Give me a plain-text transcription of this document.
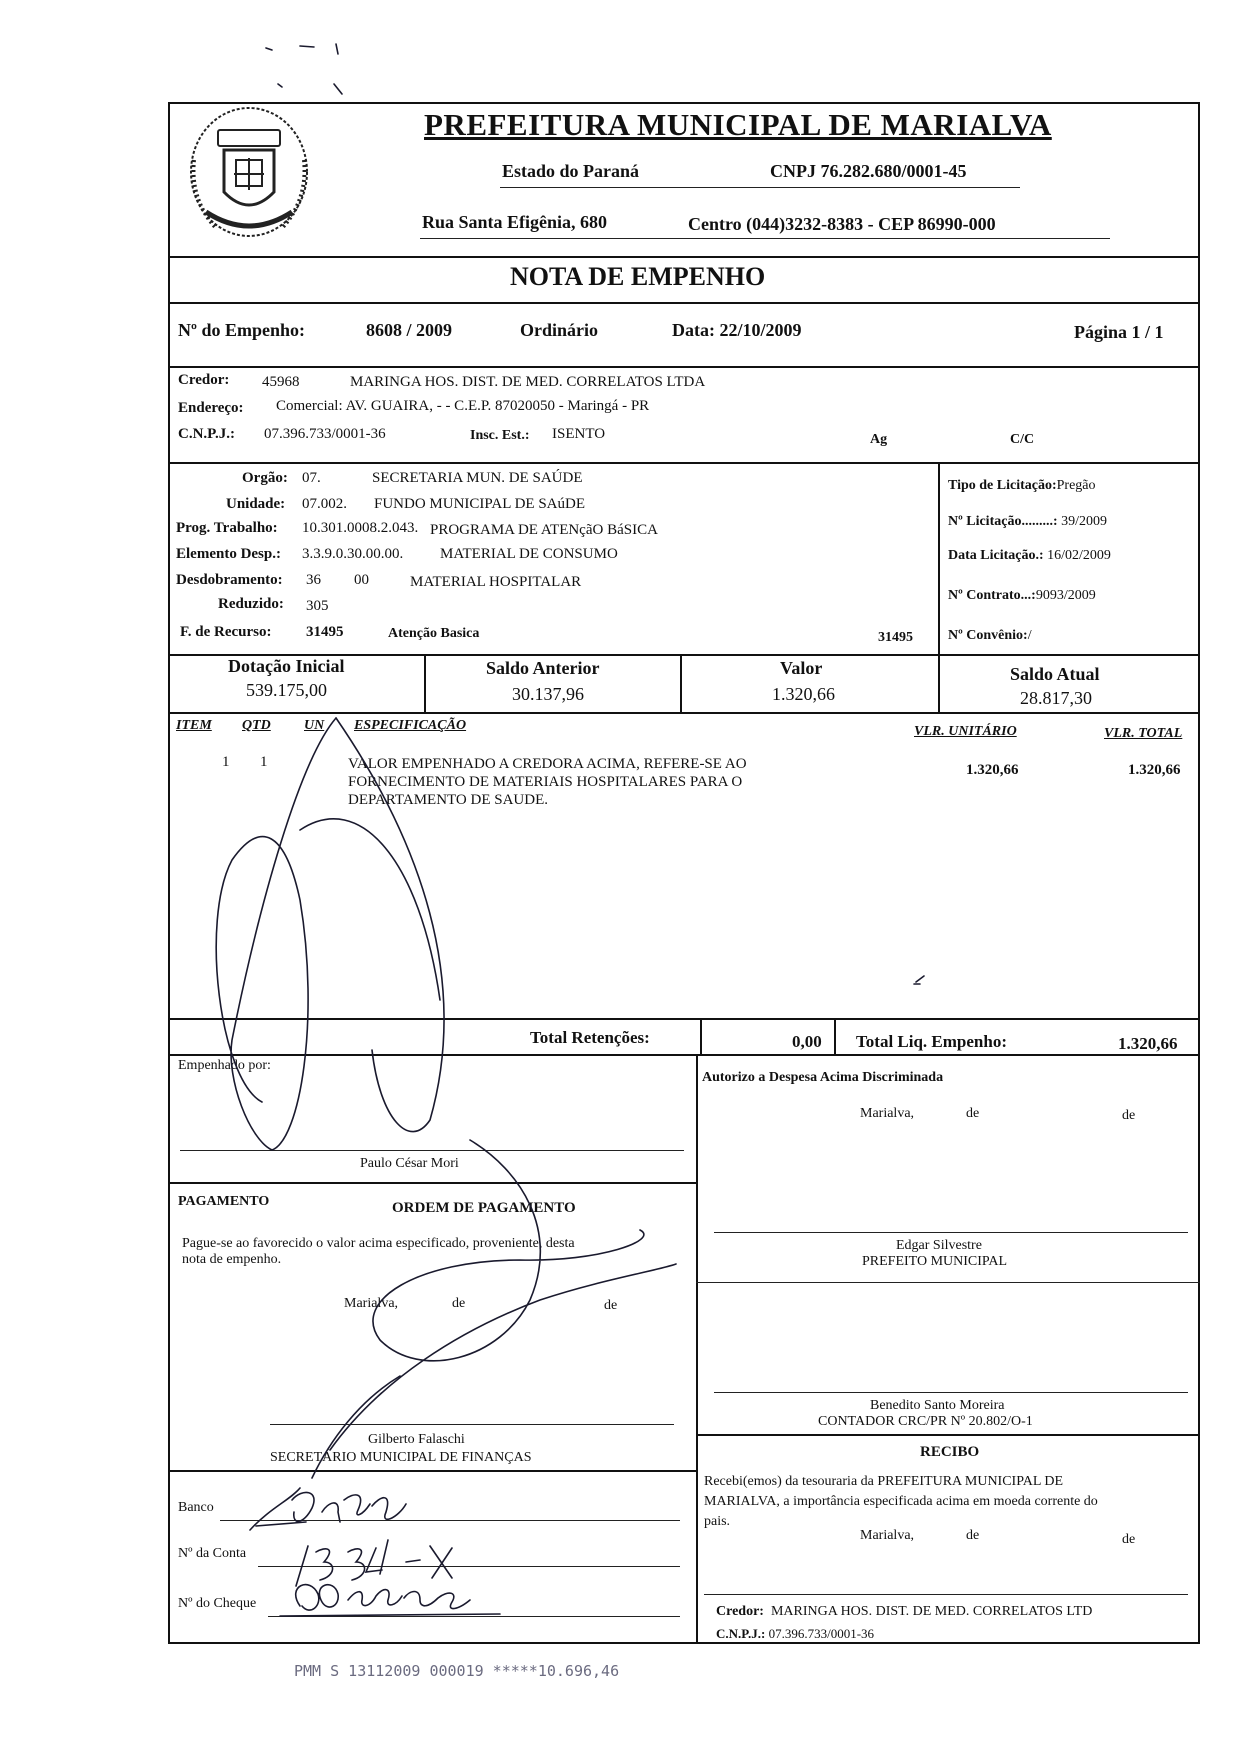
PREFEITURA MUNICIPAL DE MARIALVA
Estado do Paraná	CNPJ 76.282.680/0001-45
Rua Santa Efigênia, 680	Centro (044)3232-8383 - CEP 86990-000
NOTA DE EMPENHO
Nº do Empenho:	8608 / 2009	Ordinário	Data: 22/10/2009	Página 1 / 1
Credor: 45968	MARINGA HOS. DIST. DE MED. CORRELATOS LTDA
Endereço: Comercial: AV. GUAIRA, - - C.E.P. 87020050 - Maringá - PR
C.N.P.J.: 07.396.733/0001-36	Insc. Est.: ISENTO	Ag	C/C
Orgão: 07.	SECRETARIA MUN. DE SAÚDE
Unidade: 07.002. FUNDO MUNICIPAL DE SAúDE
Prog. Trabalho: 10.301.0008.2.043. PROGRAMA DE ATENçãO BáSICA
Elemento Desp.: 3.3.9.0.30.00.00. MATERIAL DE CONSUMO
Desdobramento: 36 00	MATERIAL HOSPITALAR
Reduzido: 305
F. de Recurso: 31495	Atenção Basica	31495
Tipo de Licitação:Pregão
Nº Licitação.........: 39/2009
Data Licitação.: 16/02/2009
Nº Contrato...:9093/2009
Nº Convênio:/
Dotação Inicial
539.175,00
Saldo Anterior
30.137,96
Valor
1.320,66
Saldo Atual
28.817,30
ITEM QTD UN ESPECIFICAÇÃO	VLR. UNITÁRIO	VLR. TOTAL
1 1	VALOR EMPENHADO A CREDORA ACIMA, REFERE-SE AO
FORNECIMENTO DE MATERIAIS HOSPITALARES PARA O
DEPARTAMENTO DE SAUDE.
1.320,66	1.320,66
Total Retenções:	0,00 Total Liq. Empenho:	1.320,66
Empenhado por:
Paulo César Mori
Autorizo a Despesa Acima Discriminada
Marialva,	de	de
Edgar Silvestre
PREFEITO MUNICIPAL
Benedito Santo Moreira
CONTADOR CRC/PR Nº 20.802/O-1
PAGAMENTO	ORDEM DE PAGAMENTO
Pague-se ao favorecido o valor acima especificado, proveniente, desta
nota de empenho.
Marialva,	de	de
Gilberto Falaschi
SECRETÁRIO MUNICIPAL DE FINANÇAS
Banco
Nº da Conta
Nº do Cheque
RECIBO
Recebi(emos) da tesouraria da PREFEITURA MUNICIPAL DE
MARIALVA, a importância especificada acima em moeda corrente do
pais.
Marialva,	de	de
Credor: MARINGA HOS. DIST. DE MED. CORRELATOS LTD
C.N.P.J.: 07.396.733/0001-36
PMM S 13112009 000019 *****10.696,46
